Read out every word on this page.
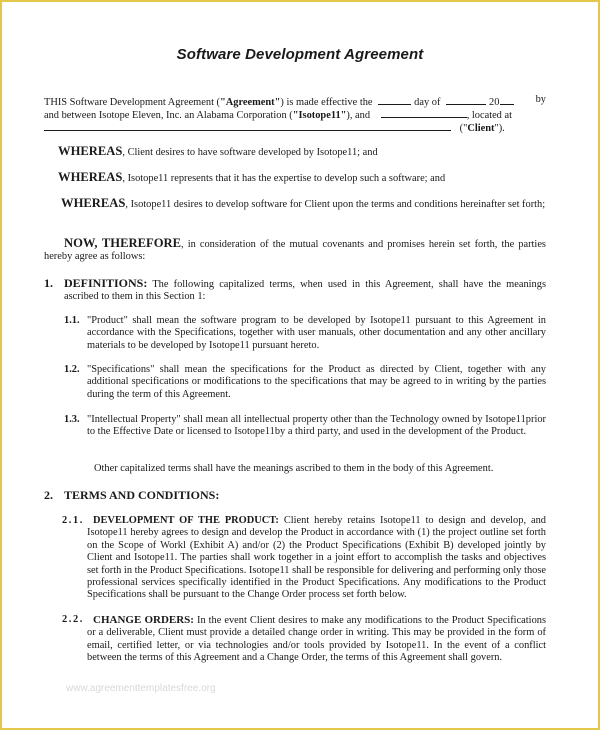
Software Development Agreement
THIS Software Development Agreement ("Agreement") is made effective the	day of	20	by
and between Isotope Eleven, Inc. an Alabama Corporation ("Isotope11"), and	, located at
("Client").
WHEREAS, Client desires to have software developed by Isotope11; and
WHEREAS, Isotope11 represents that it has the expertise to develop such a software; and
WHEREAS, Isotope11 desires to develop software for Client upon the terms and conditions hereinafter set forth;
NOW, THEREFORE, in consideration of the mutual covenants and promises herein set forth, the parties hereby agree as follows:
1. DEFINITIONS: The following capitalized terms, when used in this Agreement, shall have the meanings ascribed to them in this Section 1:
1.1. "Product" shall mean the software program to be developed by Isotope11 pursuant to this Agreement in accordance with the Specifications, together with user manuals, other documentation and any other ancillary materials to be developed by Isotope11 pursuant hereto.
1.2. "Specifications" shall mean the specifications for the Product as directed by Client, together with any additional specifications or modifications to the specifications that may be agreed to in writing by the parties during the term of this Agreement.
1.3. "Intellectual Property" shall mean all intellectual property other than the Technology owned by Isotope11prior to the Effective Date or licensed to Isotope11by a third party, and used in the development of the Product.
Other capitalized terms shall have the meanings ascribed to them in the body of this Agreement.
2. TERMS AND CONDITIONS:
2.1. DEVELOPMENT OF THE PRODUCT: Client hereby retains Isotope11 to design and develop, and Isotope11 hereby agrees to design and develop the Product in accordance with (1) the project outline set forth on the Scope of Workl (Exhibit A) and/or (2) the Product Specifications (Exhibit B) developed jointly by Client and Isotope11. The parties shall work together in a joint effort to accomplish the tasks and objectives set forth in the Product Specifications. Isotope11 shall be responsible for delivering and performing only those professional services specifically identified in the Product Specifications. Any modifications to the Product Specifications shall be pursuant to the Change Order process set forth below.
2.2. CHANGE ORDERS: In the event Client desires to make any modifications to the Product Specifications or a deliverable, Client must provide a detailed change order in writing. This may be provided in the form of email, certified letter, or via technologies and/or tools provided by Isotope11. In the event of a conflict between the terms of this Agreement and a Change Order, the terms of this Agreement shall govern.
www.agreementtemplatesfree.org
